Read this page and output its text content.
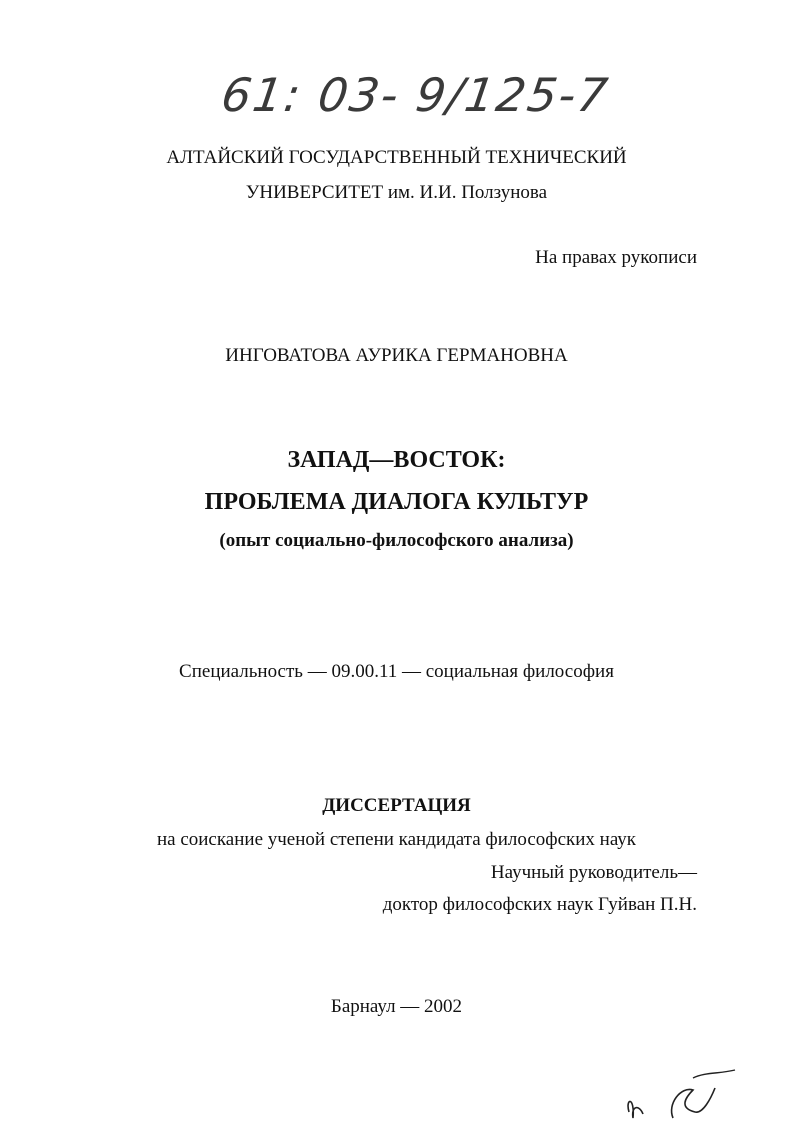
61: 03- 9/125-7
АЛТАЙСКИЙ ГОСУДАРСТВЕННЫЙ ТЕХНИЧЕСКИЙ
УНИВЕРСИТЕТ им. И.И. Ползунова
На правах рукописи
ИНГОВАТОВА АУРИКА ГЕРМАНОВНА
ЗАПАД—ВОСТОК:
ПРОБЛЕМА ДИАЛОГА КУЛЬТУР
(опыт социально-философского анализа)
Специальность — 09.00.11 — социальная философия
ДИССЕРТАЦИЯ
на соискание ученой степени кандидата философских наук
Научный руководитель—
доктор философских наук Гуйван П.Н.
Барнаул — 2002
